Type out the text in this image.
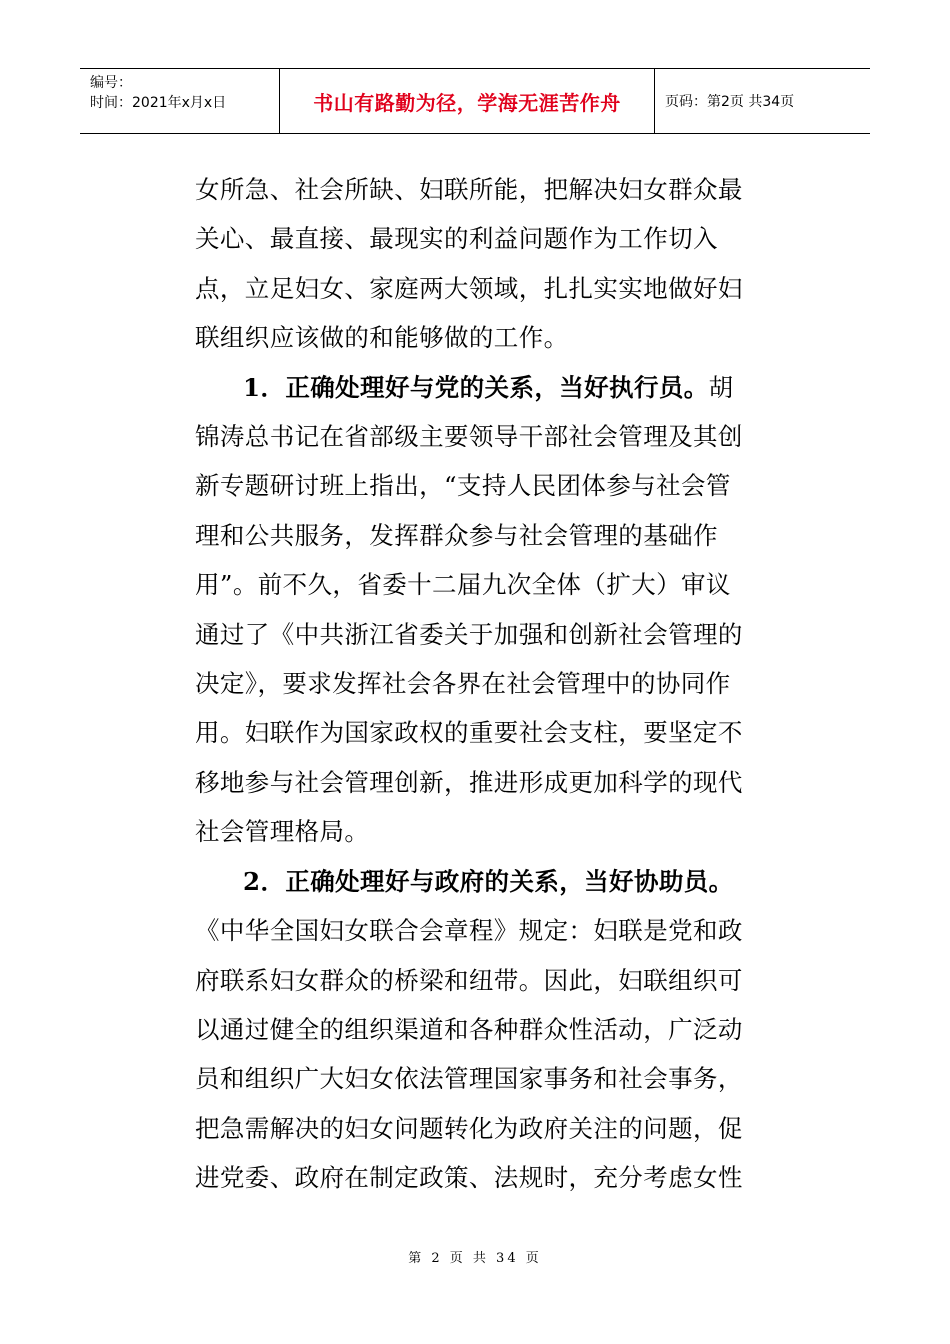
编号：
时间：2021年x月x日	书山有路勤为径，学海无涯苦作舟	页码：第2页 共34页
女所急、社会所缺、妇联所能，把解决妇女群众最
关心、最直接、最现实的利益问题作为工作切入
点，立足妇女、家庭两大领域，扎扎实实地做好妇
联组织应该做的和能够做的工作。
1．正确处理好与党的关系，当好执行员。胡
锦涛总书记在省部级主要领导干部社会管理及其创
新专题研讨班上指出，“支持人民团体参与社会管
理和公共服务，发挥群众参与社会管理的基础作
用”。前不久，省委十二届九次全体（扩大）审议
通过了《中共浙江省委关于加强和创新社会管理的
决定》，要求发挥社会各界在社会管理中的协同作
用。妇联作为国家政权的重要社会支柱，要坚定不
移地参与社会管理创新，推进形成更加科学的现代
社会管理格局。
2．正确处理好与政府的关系，当好协助员。
《中华全国妇女联合会章程》规定：妇联是党和政
府联系妇女群众的桥梁和纽带。因此，妇联组织可
以通过健全的组织渠道和各种群众性活动，广泛动
员和组织广大妇女依法管理国家事务和社会事务，
把急需解决的妇女问题转化为政府关注的问题，促
进党委、政府在制定政策、法规时，充分考虑女性
第 2 页 共 34 页
